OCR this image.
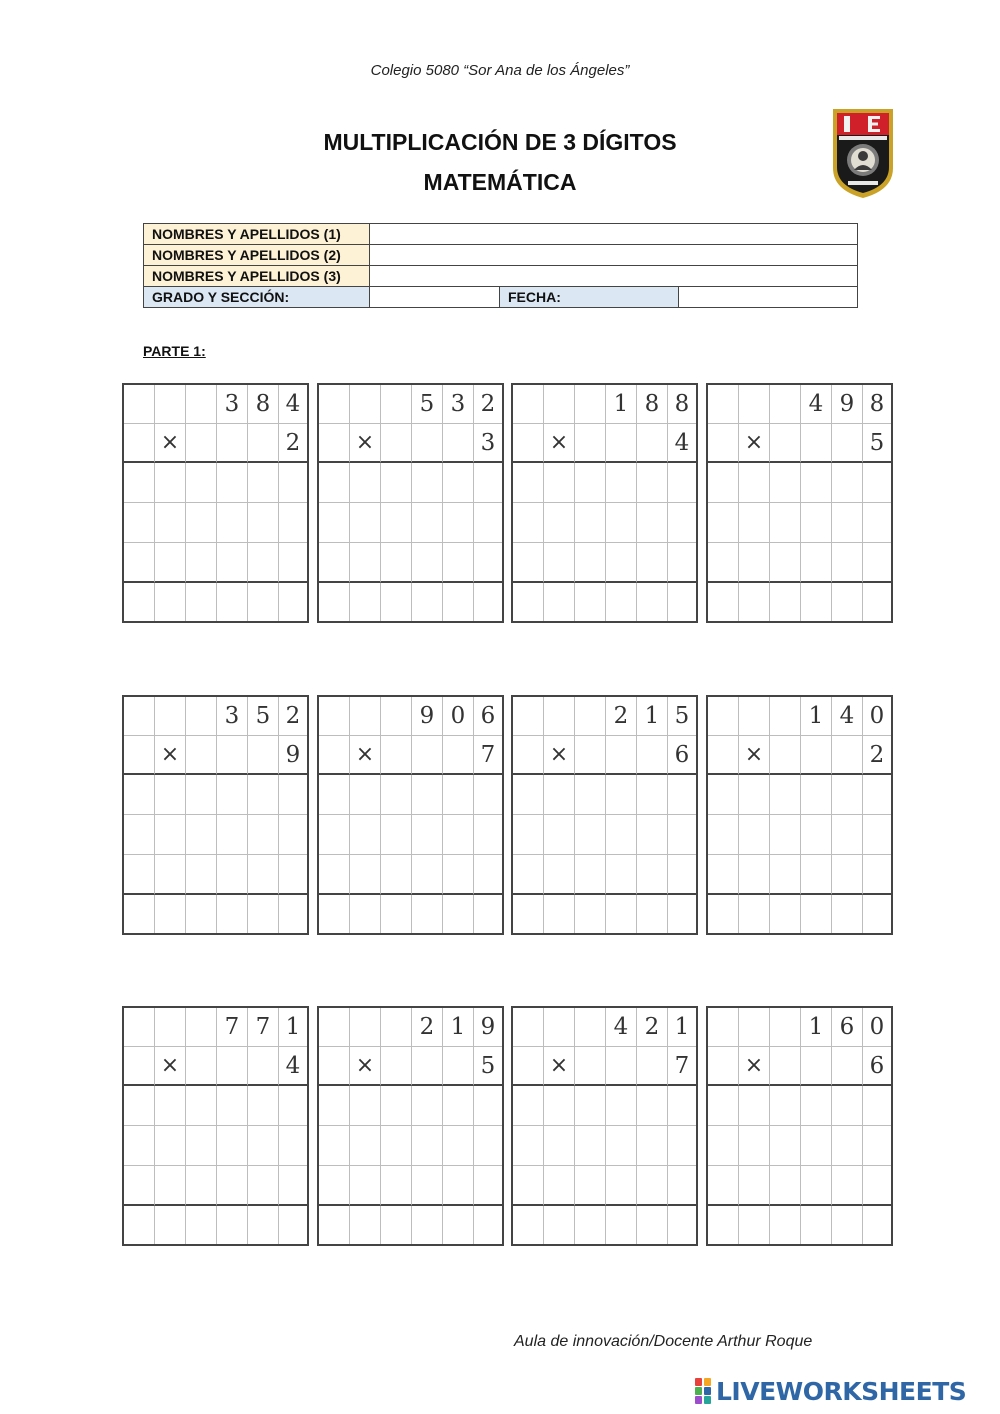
Colegio 5080 “Sor Ana de los Ángeles”
MULTIPLICACIÓN DE 3 DÍGITOS
MATEMÁTICA
NOMBRES Y APELLIDOS (1)			
NOMBRES Y APELLIDOS (2)			
NOMBRES Y APELLIDOS (3)			
GRADO Y SECCIÓN:		FECHA:	
PARTE 1:
3 8 4
×	2
5 3 2
×	3
1 8 8
×	4
4 9 8
×	5
3 5 2
×	9
9 0 6
×	7
2 1 5
×	6
1 4 0
×	2
7 7 1
×	4
2 1 9
×	5
4 2 1
×	7
1 6 0
×	6
Aula de innovación/Docente Arthur Roque
LIVEWORKSHEETS
